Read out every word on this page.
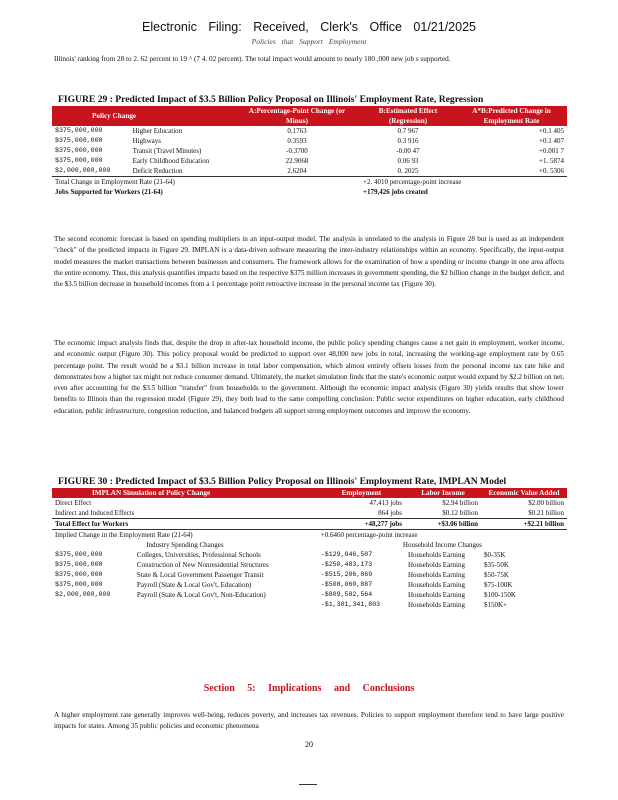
Electronic Filing: Received, Clerk's Office 01/21/2025
Policies that Support Employment
Illinois' ranking from 28 to 2. 62 percent to 19 ^ (7 4. 02 percent). The total impact would amount to nearly 180 ,000 new job s supported.
FIGURE 29 : Predicted Impact of $3.5 Billion Policy Proposal on Illinois' Employment Rate, Regression
Policy Change		A:Percentage-Point Change (or Minus)	B:Estimated Effect (Regression)	A*B:Predicted Change in Employment Rate
$375,000,000	Higher Education	0.1763	0.7 967	+0.1 405
$375,000,000	Highways	0.3593	0.3 916	+0.1 407
$375,000,000	Transit (Travel Minutes)	-0.3700	-0.00 47	+0.001 7
$375,000,000	Early Childhood Education	22.9068	0.06 93	+1. 5874
$2,000,000,000	Deficit Reduction	2.6204	0. 2025	+0. 5306
Total Change in Employment Rate (21-64)			+2. 4010 percentage-point increase	
Jobs Supported for Workers (21-64)			+179,426 jobs created	
The second economic forecast is based on spending multipliers in an input-output model. The analysis is unrelated to the analysis in Figure 28 but is used as an independent "check" of the predicted impacts in Figure 29. IMPLAN is a data-driven software measuring the inter-industry relationships within an economy. Specifically, the input-output model measures the market transactions between businesses and consumers. The framework allows for the examination of how a spending or income change in one area affects the entire economy. Thus, this analysis quantifies impacts based on the respective $375 million increases in government spending, the $2 billion change in the budget deficit, and the $3.5 billion decrease in household incomes from a 1 percentage point retroactive increase in the personal income tax (Figure 30).
The economic impact analysis finds that, despite the drop in after-tax household income, the public policy spending changes cause a net gain in employment, worker income, and economic output (Figure 30). This policy proposal would be predicted to support over 48,000 new jobs in total, increasing the working-age employment rate by 0.65 percentage point. The result would be a $3.1 billion increase in total labor compensation, which almost entirely offsets losses from the personal income tax rate hike and demonstrates how a higher tax might not reduce consumer demand. Ultimately, the market simulation finds that the state's economic output would expand by $2.2 billion on net, even after accounting for the $3.5 billion "transfer" from households to the government. Although the economic impact analysis (Figure 30) yields results that show lower benefits to Illinois than the regression model (Figure 29), they both lead to the same compelling conclusion: Public sector expenditures on higher education, early childhood education, public infrastructure, congestion reduction, and balanced budgets all support strong employment outcomes and improve the economy.
FIGURE 30 : Predicted Impact of $3.5 Billion Policy Proposal on Illinois' Employment Rate, IMPLAN Model
IMPLAN Simulation of Policy Change		Employment	Labor Income	Economic Value Added
Direct Effect		47,413 jobs	$2.94 billion	$2.00 billion
Indirect and Induced Effects		864 jobs	$0.12 billion	$0.21 billion
Total Effect for Workers		+48,277 jobs	+$3.06 billion	+$2.21 billion
Implied Change in the Employment Rate (21-64)		+0.6460 percentage-point increase		
Industry Spending Changes		Household Income Changes		
$375,000,000	Colleges, Universities, Professional Schools	-$129,046,507	Households Earning	$0-35K
$375,000,000	Construction of New Nonresidential Structures	-$250,483,173	Households Earning	$35-50K
$375,000,000	State & Local Government Passenger Transit	-$515,206,869	Households Earning	$50-75K
$375,000,000	Payroll (State & Local Gov't, Education)	-$508,060,887	Households Earning	$75-100K
$2,000,000,000	Payroll (State & Local Gov't, Non-Education)	-$809,582,564	Households Earning	$100-150K
		-$1,301,341,803	Households Earning	$150K+
Section 5: Implications and Conclusions
A higher employment rate generally improves well-being, reduces poverty, and increases tax revenues. Policies to support employment therefore tend to have large positive impacts for states. Among 35 public policies and economic phenomena
20
